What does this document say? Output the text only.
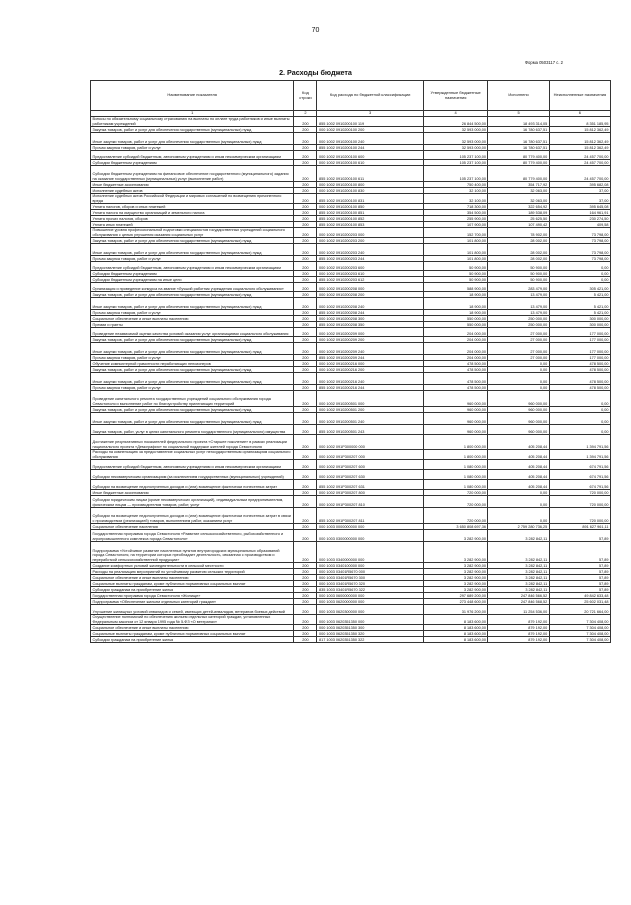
70
Форма 0503117 с. 2
2. Расходы бюджета
Наименование показателя	Код строки	Код расхода по бюджетной классификации	Утвержденные бюджетные назначения	Исполнено	Неисполненные назначения
1	2	3	4	5	6
Взносы по обязательному социальному страхованию на выплаты по оплате труда работников и иные выплаты работникам учреждений	200	855 1002 0910200100 119	26 844 500,00	18 493 314,05	8 351 185,95
Закупка товаров, работ и услуг для обеспечения государственных (муниципальных) нужд	200	000 1002 0910200100 200	32 593 000,00	16 780 637,51	15 812 362,49
Иные закупки товаров, работ и услуг для обеспечения государственных (муниципальных) нужд	200	000 1002 0910200100 240	32 593 000,00	16 780 637,51	15 812 362,49
Прочая закупка товаров, работ и услуг	200	855 1002 0910200100 244	32 593 000,00	16 780 637,51	15 812 362,49
Предоставление субсидий бюджетным, автономным учреждениям и иным некоммерческим организациям	200	000 1002 0910200100 600	105 237 100,00	80 779 400,00	24 457 700,00
Субсидии бюджетным учреждениям	200	000 1002 0910200100 610	105 237 100,00	80 779 400,00	24 457 700,00
Субсидии бюджетным учреждениям на финансовое обеспечение государственного (муниципального) задания на оказание государственных (муниципальных) услуг (выполнение работ)	200	855 1002 0910200100 611	105 237 100,00	80 779 400,00	24 457 700,00
Иные бюджетные ассигнования	200	000 1002 0910200100 800	750 400,00	354 717,92	395 682,08
Исполнение судебных актов	200	000 1002 0910200100 830	32 100,00	32 063,00	37,00
Исполнение судебных актов Российской Федерации и мировых соглашений по возмещению причиненного вреда	200	855 1002 0910200100 831	32 100,00	32 063,00	37,00
Уплата налогов, сборов и иных платежей	200	000 1002 0910200100 850	718 300,00	322 654,92	395 645,08
Уплата налога на имущество организаций и земельного налога	200	855 1002 0910200100 851	354 500,00	189 538,09	164 961,91
Уплата прочих налогов, сборов	200	855 1002 0910200100 852	255 900,00	25 625,50	230 274,50
Уплата иных платежей	200	855 1002 0910200100 853	107 900,00	107 490,42	409,58
Повышение уровня профессиональной подготовки специалистов государственных учреждений социального обслуживания с целью улучшения оказания социальных услуг	200	000 1002 0910200203 000	152 700,00	78 902,00	73 798,00
Закупка товаров, работ и услуг для обеспечения государственных (муниципальных) нужд	200	000 1002 0910200203 200	101 800,00	28 002,00	73 798,00
Иные закупки товаров, работ и услуг для обеспечения государственных (муниципальных) нужд	200	000 1002 0910200203 240	101 800,00	28 002,00	73 798,00
Прочая закупка товаров, работ и услуг	200	855 1002 0910200203 244	101 800,00	28 002,00	73 798,00
Предоставление субсидий бюджетным, автономным учреждениям и иным некоммерческим организациям	200	000 1002 0910200203 600	50 900,00	50 900,00	0,00
Субсидии бюджетным учреждениям	200	000 1002 0910200203 610	50 900,00	50 900,00	0,00
Субсидии бюджетным учреждениям на иные цели	200	855 1002 0910200203 612	50 900,00	50 900,00	0,00
Организация и проведение конкурса на звание «Лучший работник учреждения социального обслуживания»	200	000 1002 0910200208 000	588 900,00	283 479,00	305 421,00
Закупка товаров, работ и услуг для обеспечения государственных (муниципальных) нужд	200	000 1002 0910200208 200	18 900,00	13 479,00	5 421,00
Иные закупки товаров, работ и услуг для обеспечения государственных (муниципальных) нужд	200	000 1002 0910200208 240	18 900,00	13 479,00	5 421,00
Прочая закупка товаров, работ и услуг	200	855 1002 0910200208 244	18 900,00	13 479,00	5 421,00
Социальное обеспечение и иные выплаты населению	200	000 1002 0910200208 300	550 000,00	250 000,00	300 000,00
Премии и гранты	200	855 1002 0910200208 350	550 000,00	250 000,00	300 000,00
Проведение независимой оценки качества условий оказания услуг организациями социального обслуживания	200	000 1002 0910200209 000	204 000,00	27 000,00	177 000,00
Закупка товаров, работ и услуг для обеспечения государственных (муниципальных) нужд	200	000 1002 0910200209 200	204 000,00	27 000,00	177 000,00
Иные закупки товаров, работ и услуг для обеспечения государственных (муниципальных) нужд	200	000 1002 0910200209 240	204 000,00	27 000,00	177 000,00
Прочая закупка товаров, работ и услуг	200	855 1002 0910200209 244	204 000,00	27 000,00	177 000,00
Обучение компьютерной грамотности неработающих пенсионеров	200	000 1002 0910200216 000	478 500,00	0,00	478 500,00
Закупка товаров, работ и услуг для обеспечения государственных (муниципальных) нужд	200	000 1002 0910200216 200	478 500,00	0,00	478 500,00
Иные закупки товаров, работ и услуг для обеспечения государственных (муниципальных) нужд	200	000 1002 0910200216 240	478 500,00	0,00	478 500,00
Прочая закупка товаров, работ и услуг	200	855 1002 0910200216 244	478 500,00	0,00	478 500,00
Проведение капитального ремонта государственных учреждений социального обслуживания города Севастополя и выполнение работ по благоустройству прилегающих территорий	200	000 1002 0910200501 000	960 000,00	960 000,00	0,00
Закупка товаров, работ и услуг для обеспечения государственных (муниципальных) нужд	200	000 1002 0910200501 200	960 000,00	960 000,00	0,00
Иные закупки товаров, работ и услуг для обеспечения государственных (муниципальных) нужд	200	000 1002 0910200501 240	960 000,00	960 000,00	0,00
Закупка товаров, работ, услуг в целях капитального ремонта государственного (муниципального) имущества	200	855 1002 0910200501 243	960 000,00	960 000,00	0,00
Достижение результативных показателей федерального проекта «Старшее поколение» в рамках реализации национального проекта «Демография» по социальной поддержке жителей города Севастополя	200	000 1002 091P300000 000	1 800 000,00	405 208,44	1 394 791,56
Расходы на компенсацию за предоставление социальных услуг негосударственным организациям социального обслуживания	200	000 1002 091P300207 000	1 800 000,00	405 208,44	1 394 791,56
Предоставление субсидий бюджетным, автономным учреждениям и иным некоммерческим организациям	200	000 1002 091P300207 600	1 080 000,00	405 208,44	674 791,56
Субсидии некоммерческим организациям (за исключением государственных (муниципальных) учреждений)	200	000 1002 091P300207 630	1 080 000,00	405 208,44	674 791,56
Субсидии на возмещение недополученных доходов и (или) возмещение фактически понесенных затрат	200	855 1002 091P300207 631	1 080 000,00	405 208,44	674 791,56
Иные бюджетные ассигнования	200	000 1002 091P300207 800	720 000,00	0,00	720 000,00
Субсидии юридическим лицам (кроме некоммерческих организаций), индивидуальным предпринимателям, физическим лицам — производителям товаров, работ, услуг	200	000 1002 091P300207 810	720 000,00	0,00	720 000,00
Субсидии на возмещение недополученных доходов и (или) возмещение фактически понесенных затрат в связи с производством (реализацией) товаров, выполнением работ, оказанием услуг	200	855 1002 091P300207 811	720 000,00	0,00	720 000,00
Социальное обеспечение населения	200	000 1003 0000000000 000	3 650 808 697,36	2 759 280 736,25	891 627 961,11
Государственная программа города Севастополя «Развитие сельскохозяйственного, рыбохозяйственного и агропромышленного комплекса города Севастополя»	200	000 1003 0300000000 000	3 282 900,00	3 282 842,11	57,89
Подпрограмма «Устойчивое развитие населенных пунктов внутригородских муниципальных образований города Севастополя, на территории которых преобладает деятельность, связанная с производством и переработкой сельскохозяйственной продукции»	200	000 1003 0340000000 000	3 282 900,00	3 282 842,11	57,89
Создание комфортных условий жизнедеятельности в сельской местности	200	000 1003 0340100000 000	3 282 900,00	3 282 842,11	57,89
Расходы на реализацию мероприятий по устойчивому развитию сельских территорий	200	000 1003 03401R5670 000	3 282 900,00	3 282 842,11	57,89
Социальное обеспечение и иные выплаты населению	200	000 1003 03401R5670 300	3 282 900,00	3 282 842,11	57,89
Социальные выплаты гражданам, кроме публичных нормативных социальных выплат	200	000 1003 03401R5670 320	3 282 900,00	3 282 842,11	57,89
Субсидии гражданам на приобретение жилья	200	835 1003 03401R5670 322	3 282 900,00	3 282 842,11	57,89
Государственная программа города Севастополя «Жилище»	200	000 1003 0600000000 000	297 689 200,00	247 846 566,52	49 842 633,48
Подпрограмма «Обеспечение жильем отдельных категорий граждан»	200	000 1003 0620000000 000	273 448 600,00	247 846 568,52	25 602 031,48
Улучшение жилищных условий инвалидов и семей, имеющих детей-инвалидов, ветеранов боевых действий	200	000 1003 0620300000 000	31 976 200,00	11 254 536,00	20 721 664,00
Осуществление полномочий по обеспечению жильем отдельных категорий граждан, установленных Федеральным законом от 12 января 1995 года № 5-ФЗ «О ветеранах»	200	000 1003 0620351350 000	8 183 600,00	879 192,00	7 304 408,00
Социальное обеспечение и иные выплаты населению	200	000 1003 0620351350 300	8 183 600,00	879 192,00	7 304 408,00
Социальные выплаты гражданам, кроме публичных нормативных социальных выплат	200	000 1003 0620351350 320	8 183 600,00	879 192,00	7 304 408,00
Субсидии гражданам на приобретение жилья	200	817 1003 0620351350 322	8 183 600,00	879 192,00	7 304 408,00
